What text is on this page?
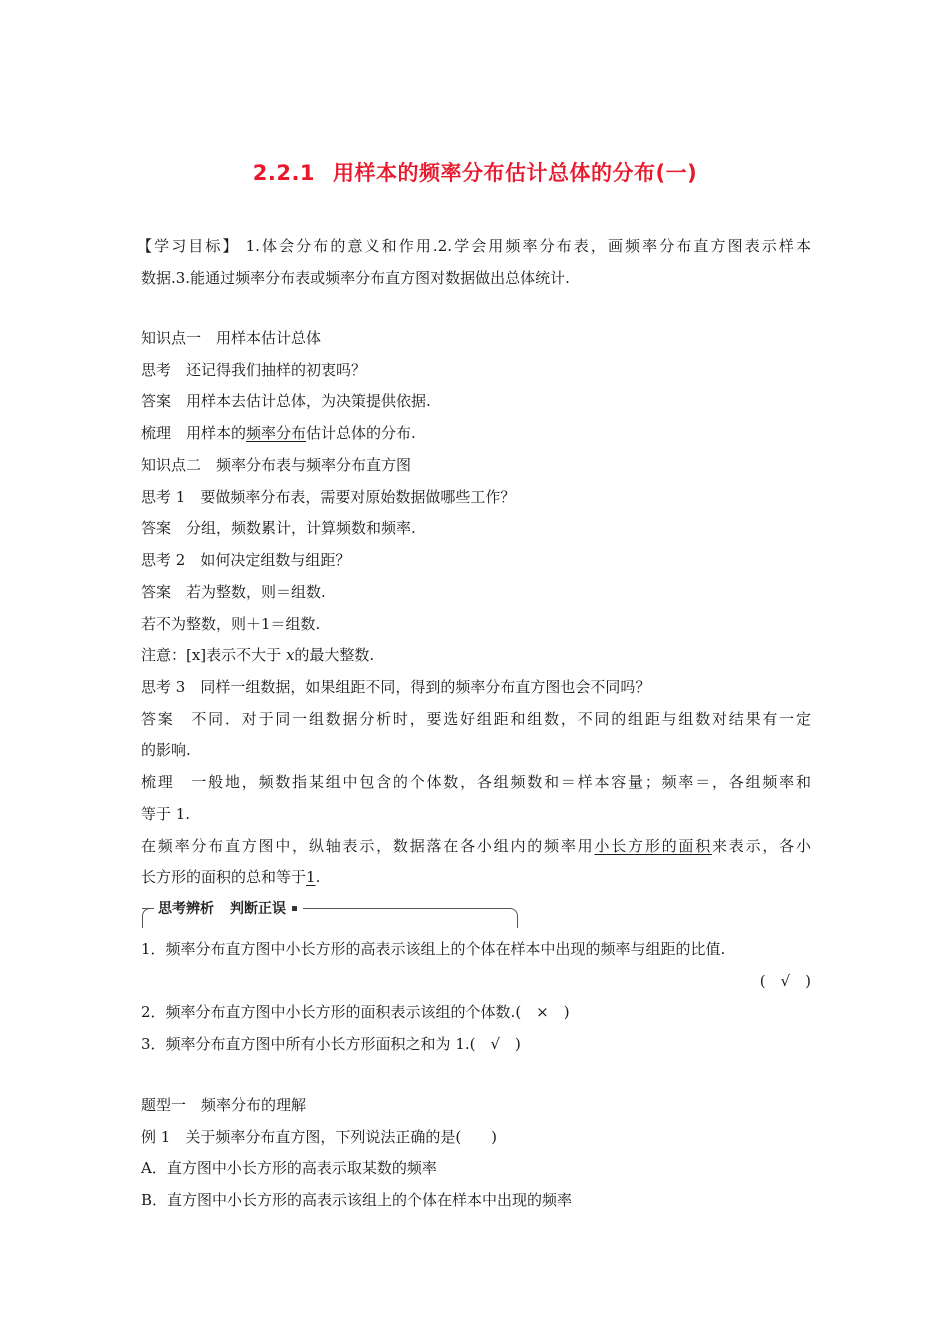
2.2.1 用样本的频率分布估计总体的分布(一)
【学习目标】 1.体会分布的意义和作用.2.学会用频率分布表，画频率分布直方图表示样本
数据.3.能通过频率分布表或频率分布直方图对数据做出总体统计.
知识点一 用样本估计总体
思考 还记得我们抽样的初衷吗？
答案 用样本去估计总体，为决策提供依据.
梳理 用样本的频率分布估计总体的分布.
知识点二 频率分布表与频率分布直方图
思考 1 要做频率分布表，需要对原始数据做哪些工作？
答案 分组，频数累计，计算频数和频率.
思考 2 如何决定组数与组距？
答案 若为整数，则＝组数.
若不为整数，则＋1＝组数.
注意：[x]表示不大于 x的最大整数.
思考 3 同样一组数据，如果组距不同，得到的频率分布直方图也会不同吗？
答案 不同．对于同一组数据分析时，要选好组距和组数，不同的组距与组数对结果有一定
的影响.
梳理 一般地，频数指某组中包含的个体数，各组频数和＝样本容量；频率＝，各组频率和
等于 1.
在频率分布直方图中，纵轴表示，数据落在各小组内的频率用小长方形的面积来表示，各小
长方形的面积的总和等于1.
思考辨析 判断正误
1．频率分布直方图中小长方形的高表示该组上的个体在样本中出现的频率与组距的比值.
(　√　)
2．频率分布直方图中小长方形的面积表示该组的个体数.(　×　)
3．频率分布直方图中所有小长方形面积之和为 1.(　√　)
题型一 频率分布的理解
例 1 关于频率分布直方图，下列说法正确的是(　　)
A．直方图中小长方形的高表示取某数的频率
B．直方图中小长方形的高表示该组上的个体在样本中出现的频率
